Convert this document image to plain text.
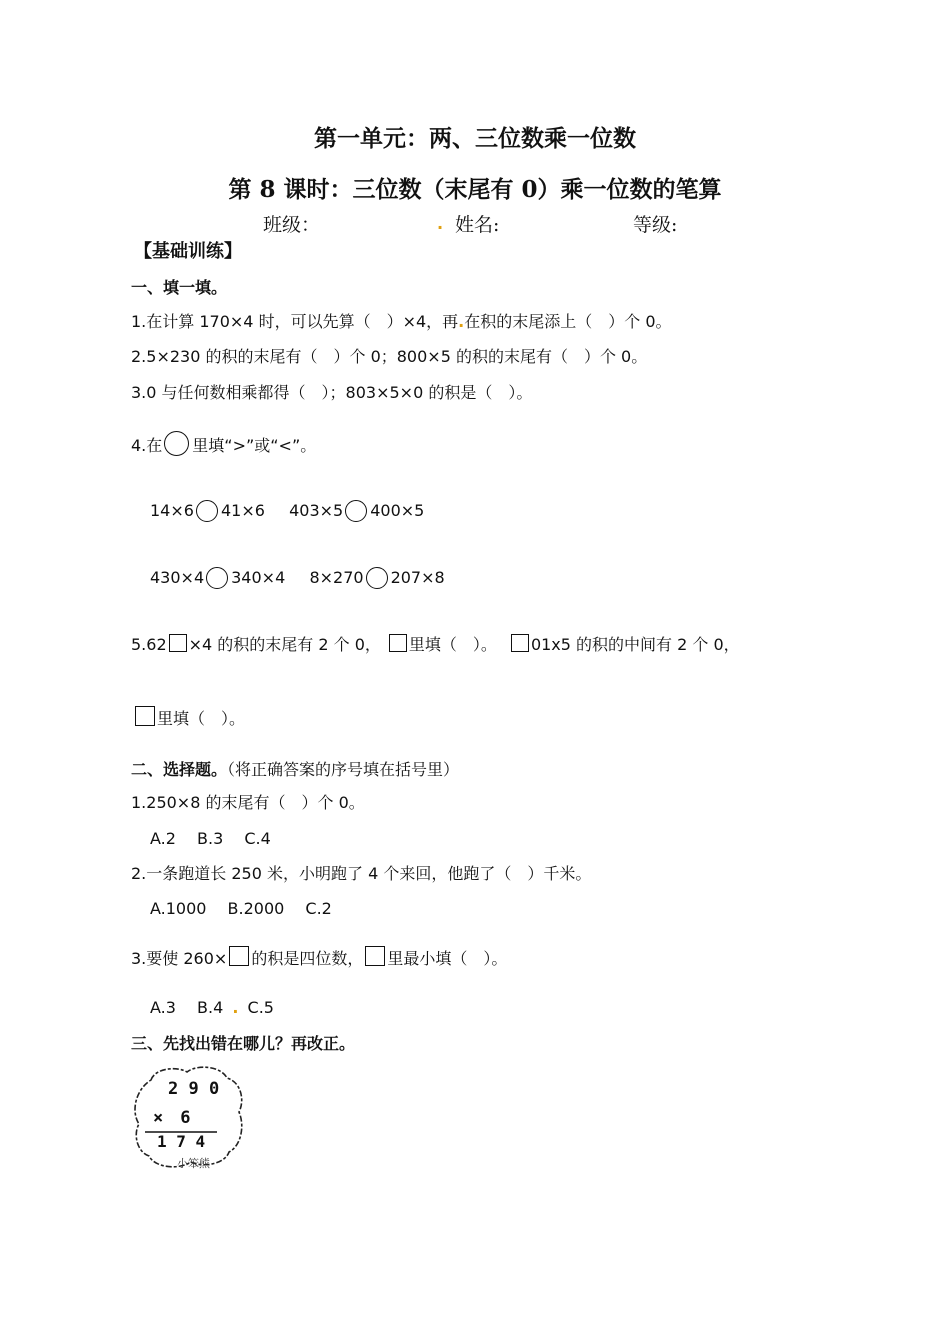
第一单元：两、三位数乘一位数
第 8 课时：三位数（末尾有 0）乘一位数的笔算
班级：	. 姓名:	等级:
【基础训练】
一、填一填。
1.在计算 170×4 时，可以先算（　）×4，再.在积的末尾添上（　）个 0。
2.5×230 的积的末尾有（　）个 0；800×5 的积的末尾有（　）个 0。
3.0 与任何数相乘都得（　）；803×5×0 的积是（　）。
4.在 里填“>”或“<”。
14×6 41×6 403×5 400×5
430×4 340×4 8×270 207×8
5.62 ×4 的积的末尾有 2 个 0， 里填（　）。 01x5 的积的中间有 2 个 0，
里填（　）。
二、选择题。（将正确答案的序号填在括号里）
1.250×8 的末尾有（　）个 0。
A.2　 B.3　 C.4
2.一条跑道长 250 米，小明跑了 4 个来回，他跑了（　）千米。
A.1000　 B.2000　 C.2
3.要使 260× 的积是四位数， 里最小填（　）。
A.3　 B.4 . C.5
三、先找出错在哪儿？再改正。
2 9 0
×　6
1 7 4
小笨熊
